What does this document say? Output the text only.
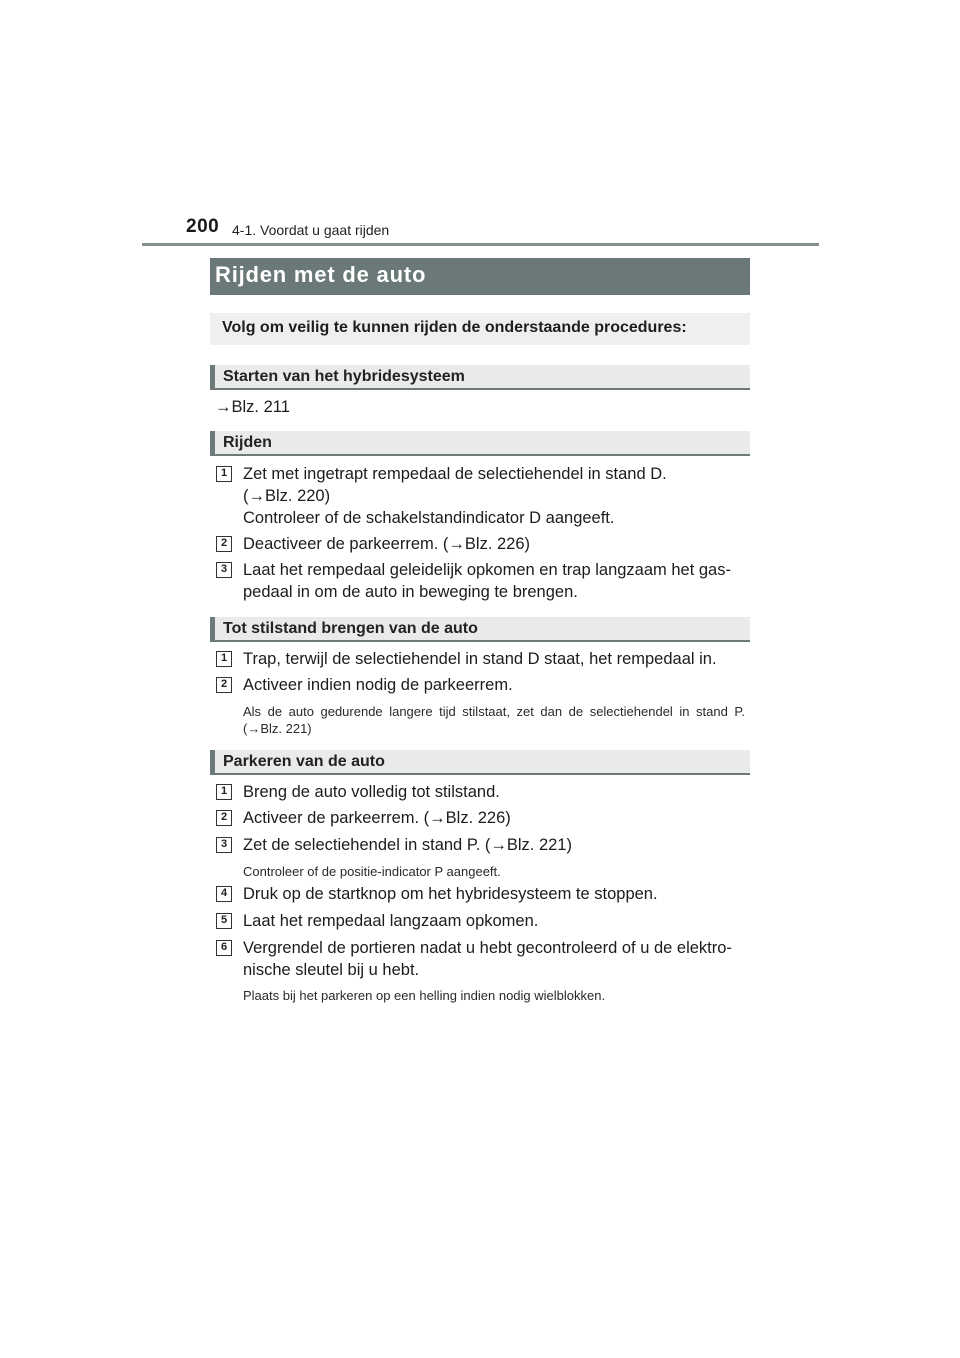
200 4-1. Voordat u gaat rijden
Rijden met de auto
Volg om veilig te kunnen rijden de onderstaande procedures:
Starten van het hybridesysteem
→Blz. 211
Rijden
1 Zet met ingetrapt rempedaal de selectiehendel in stand D.
(→Blz. 220)
Controleer of de schakelstandindicator D aangeeft.
2 Deactiveer de parkeerrem. (→Blz. 226)
3 Laat het rempedaal geleidelijk opkomen en trap langzaam het gas-
pedaal in om de auto in beweging te brengen.
Tot stilstand brengen van de auto
1 Trap, terwijl de selectiehendel in stand D staat, het rempedaal in.
2 Activeer indien nodig de parkeerrem.
Als de auto gedurende langere tijd stilstaat, zet dan de selectiehendel in stand P. (→Blz. 221)
Parkeren van de auto
1 Breng de auto volledig tot stilstand.
2 Activeer de parkeerrem. (→Blz. 226)
3 Zet de selectiehendel in stand P. (→Blz. 221)
Controleer of de positie-indicator P aangeeft.
4 Druk op de startknop om het hybridesysteem te stoppen.
5 Laat het rempedaal langzaam opkomen.
6 Vergrendel de portieren nadat u hebt gecontroleerd of u de elektro-
nische sleutel bij u hebt.
Plaats bij het parkeren op een helling indien nodig wielblokken.
